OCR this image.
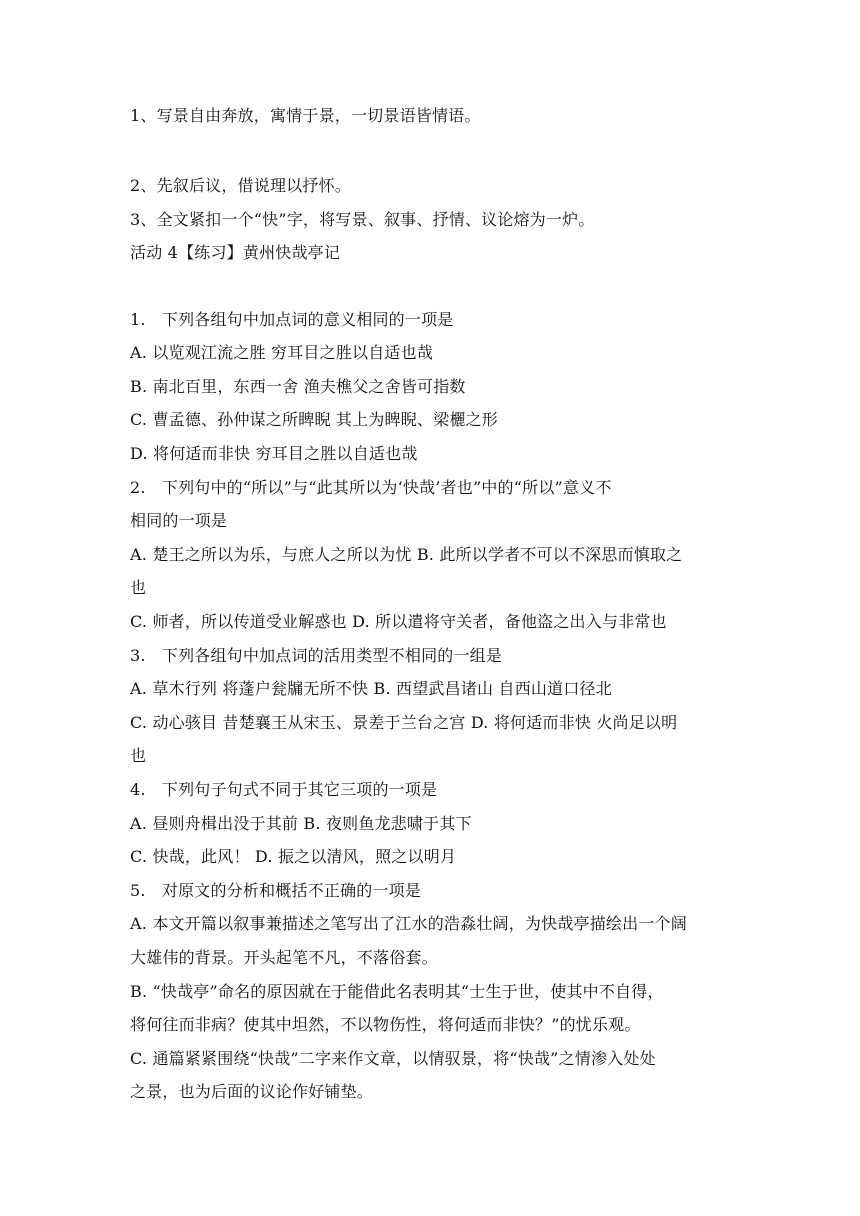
1、写景自由奔放，寓情于景，一切景语皆情语。
2、先叙后议，借说理以抒怀。
3、全文紧扣一个“快”字，将写景、叙事、抒情、议论熔为一炉。
活动 4【练习】黄州快哉亭记
1.　下列各组句中加点词的意义相同的一项是
A. 以览观江流之胜 穷耳目之胜以自适也哉
B. 南北百里，东西一舍 渔夫樵父之舍皆可指数
C. 曹孟德、孙仲谋之所睥睨 其上为睥睨、梁欐之形
D. 将何适而非快 穷耳目之胜以自适也哉
2.　下列句中的“所以”与“此其所以为‘快哉’者也”中的“所以”意义不
相同的一项是
A. 楚王之所以为乐，与庶人之所以为忧 B. 此所以学者不可以不深思而慎取之
也
C. 师者，所以传道受业解惑也 D. 所以遣将守关者，备他盗之出入与非常也
3.　下列各组句中加点词的活用类型不相同的一组是
A. 草木行列 将蓬户瓮牖无所不快 B. 西望武昌诸山 自西山道口径北
C. 动心骇目 昔楚襄王从宋玉、景差于兰台之宫 D. 将何适而非快 火尚足以明
也
4.　下列句子句式不同于其它三项的一项是
A. 昼则舟楫出没于其前 B. 夜则鱼龙悲啸于其下
C. 快哉，此风！ D. 振之以清风，照之以明月
5.　对原文的分析和概括不正确的一项是
A. 本文开篇以叙事兼描述之笔写出了江水的浩淼壮阔，为快哉亭描绘出一个阔
大雄伟的背景。开头起笔不凡，不落俗套。
B. “快哉亭”命名的原因就在于能借此名表明其“士生于世，使其中不自得，
将何往而非病？使其中坦然，不以物伤性，将何适而非快？”的忧乐观。
C. 通篇紧紧围绕“快哉”二字来作文章，以情驭景，将“快哉”之情渗入处处
之景，也为后面的议论作好铺垫。
